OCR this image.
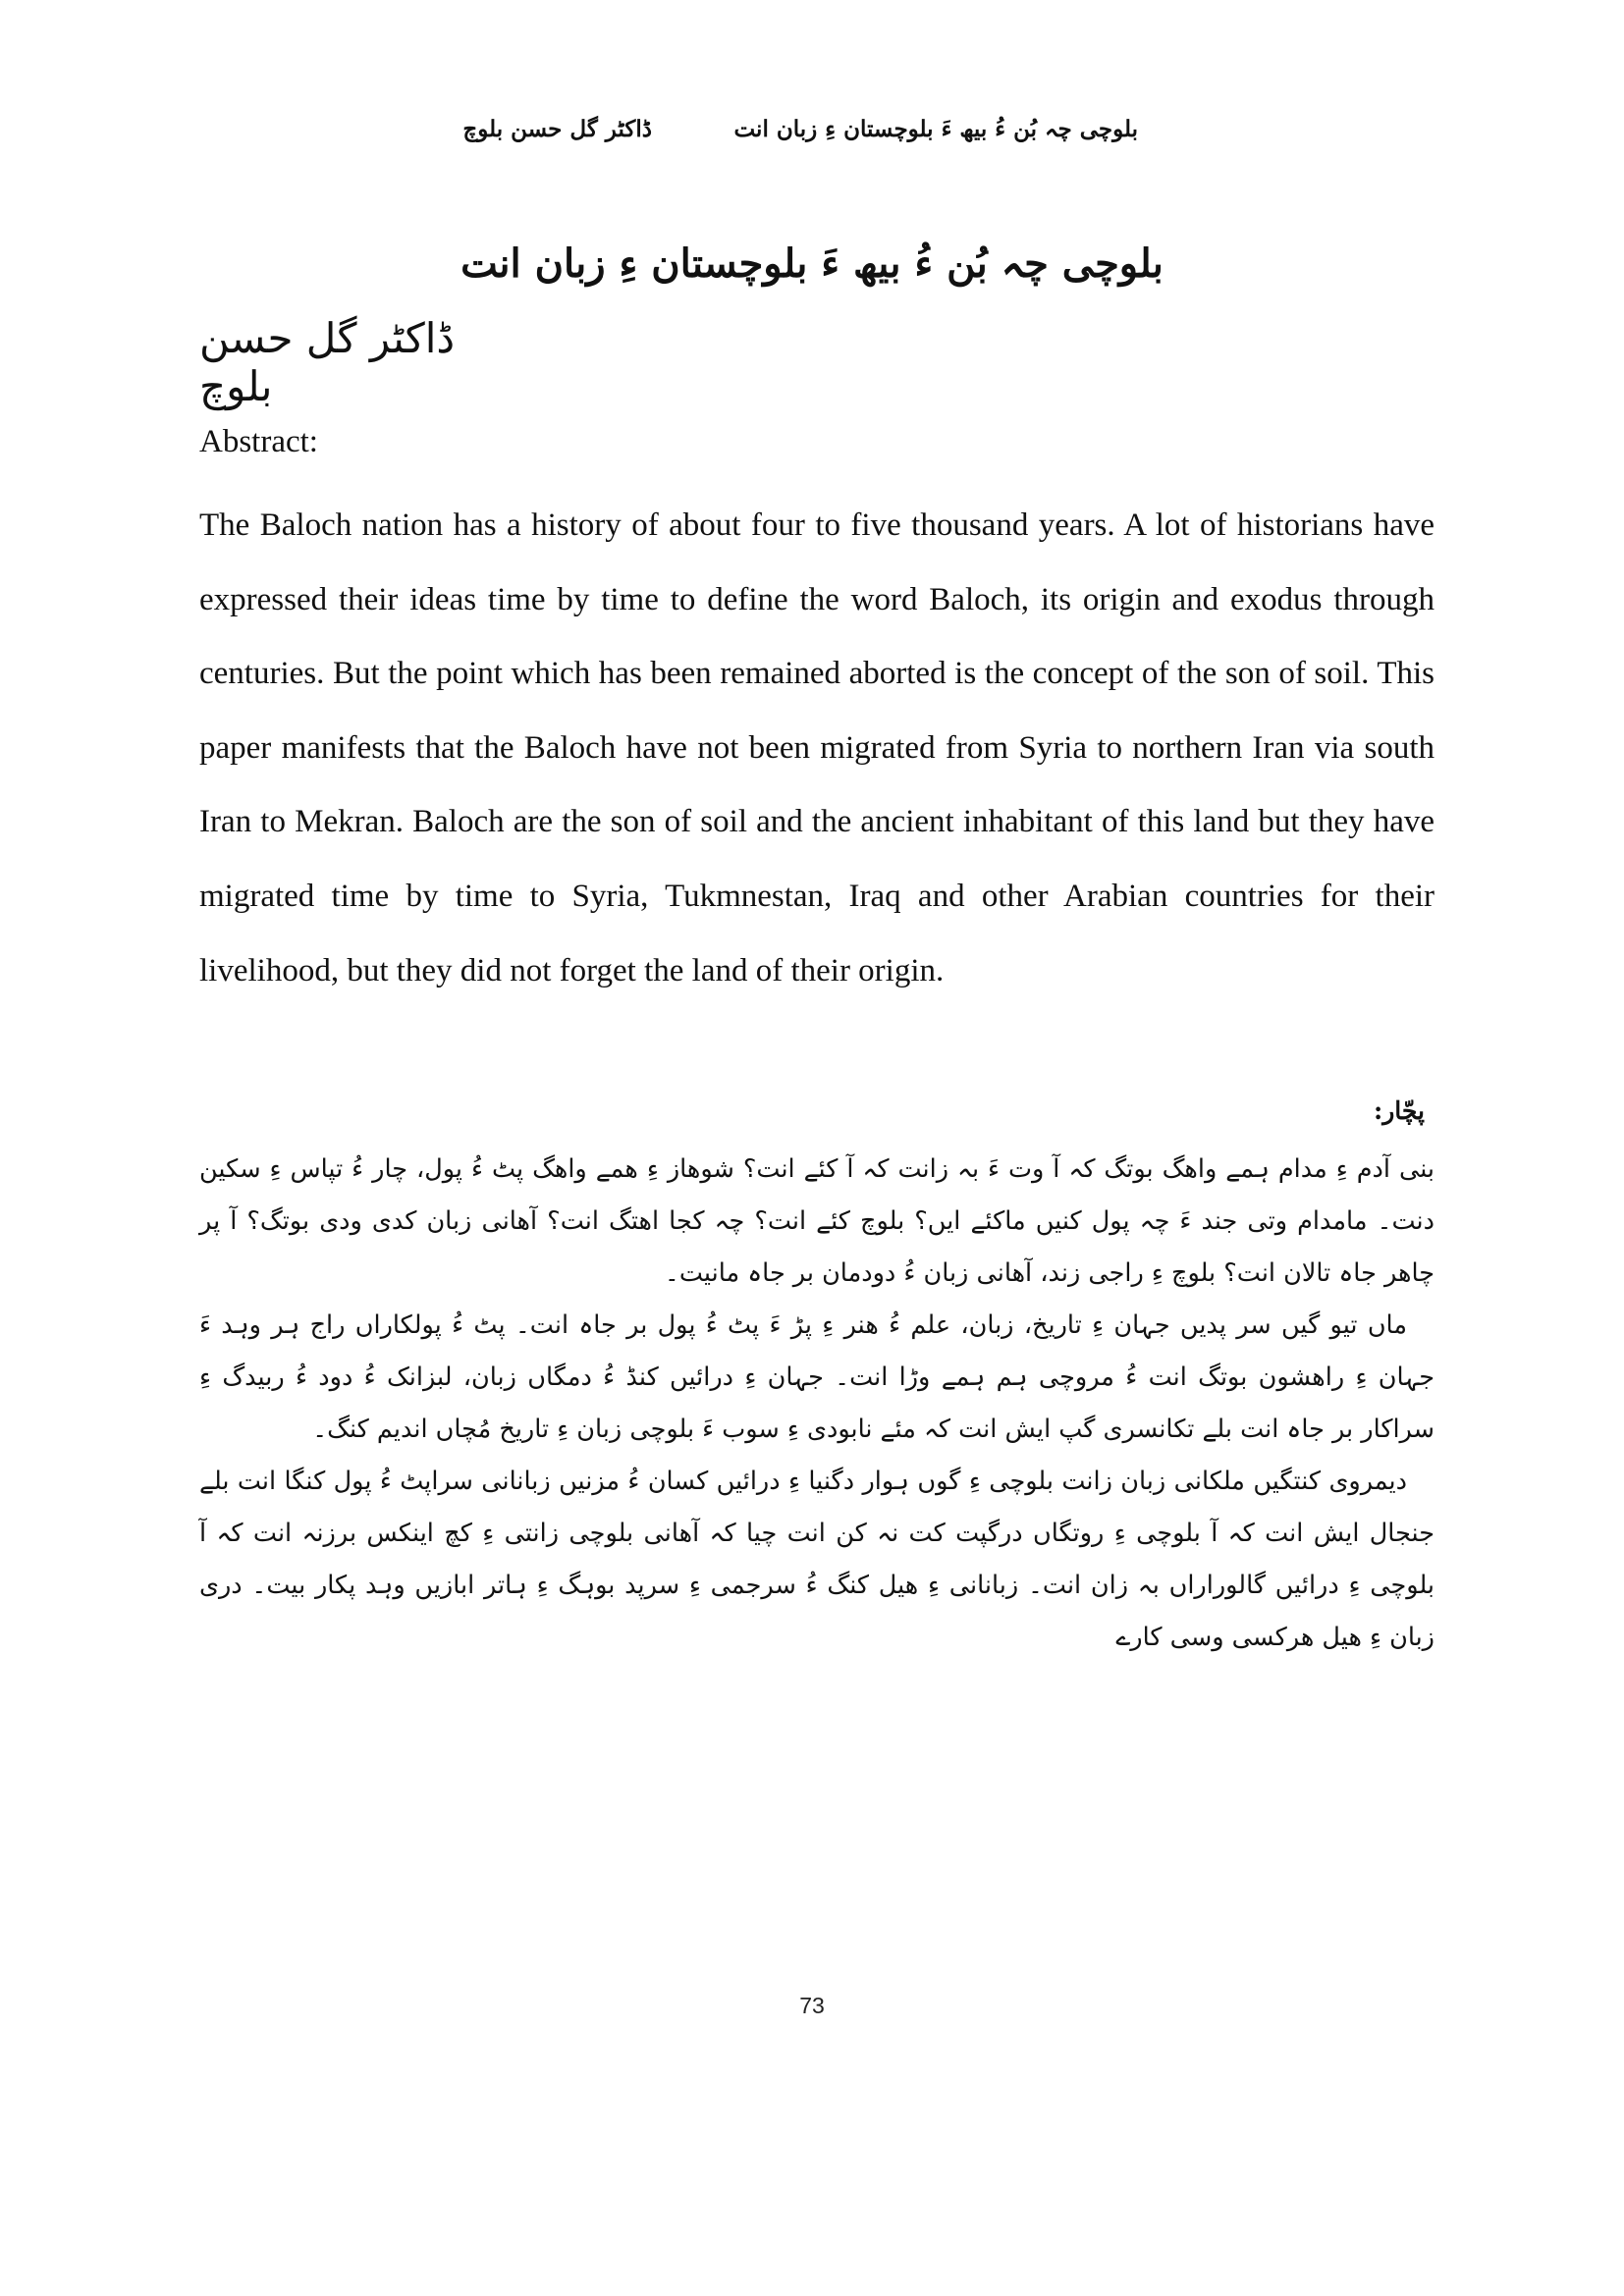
بلوچی چہ بُن ءُ بیھ ءَ بلوچستان ءِ زبان انت
ڈاکٹر گل حسن بلوچ
بلوچی چہ بُن ءُ بیھ ءَ بلوچستان ءِ زبان انت
ڈاکٹر گل حسن بلوچ
Abstract:

The Baloch nation has a history of about four to five thousand years. A lot of historians have expressed their ideas time by time to define the word Baloch, its origin and exodus through centuries. But the point which has been remained aborted is the concept of the son of soil. This paper manifests that the Baloch have not been migrated from Syria to northern Iran via south Iran to Mekran. Baloch are the son of soil and the ancient inhabitant of this land but they have migrated time by time to Syria, Tukmnestan, Iraq and other Arabian countries for their livelihood, but they did not forget the land of their origin.

پچّار:

بنی آدم ءِ مدام ہمے واھگ بوتگ کہ آ وت ءَ بہ زانت کہ آ کئے انت؟ شوھاز ءِ ھمے واھگ پٹ ءُ پول، چار ءُ تپاس ءِ سکین دنت۔ مامدام وتی جند ءَ چہ پول کنیں ماکئے ایں؟ بلوچ کئے انت؟ چہ کجا اھتگ انت؟ آھانی زبان کدی ودی بوتگ؟ آ پر چاھر جاہ تالان انت؟ بلوچ ءِ راجی زند، آھانی زبان ءُ دودمان بر جاہ مانیت۔

ماں تیو گیں سر پدیں جہان ءِ تاریخ، زبان، علم ءُ ھنر ءِ پڑ ءَ پٹ ءُ پول بر جاہ انت۔ پٹ ءُ پولکاراں راج ہر وہد ءَ جہان ءِ راھشون بوتگ انت ءُ مروچی ہم ہمے وڑا انت۔ جہان ءِ درائیں کنڈ ءُ دمگاں زبان، لبزانک ءُ دود ءُ ربیدگ ءِ سراکار بر جاہ انت بلے تکانسری گپ ایش انت کہ مئے نابودی ءِ سوب ءَ بلوچی زبان ءِ تاریخ مُچاں اندیم کنگ۔

دیمروی کنتگیں ملکانی زبان زانت بلوچی ءِ گوں ہوار دگنیا ءِ درائیں کسان ءُ مزنیں زبانانی سراپٹ ءُ پول کنگا انت بلے جنجال ایش انت کہ آ بلوچی ءِ روتگاں درگپت کت نہ کن انت چیا کہ آھانی بلوچی زانتی ءِ کچ اینکس برزنہ انت کہ آ بلوچی ءِ درائیں گالوراراں بہ زان انت۔ زبانانی ءِ ھیل کنگ ءُ سرجمی ءِ سرپد بوہگ ءِ ہاتر ابازیں وہد پکار بیت۔ دری زبان ءِ ھیل ھرکسی وسی کارے

73
